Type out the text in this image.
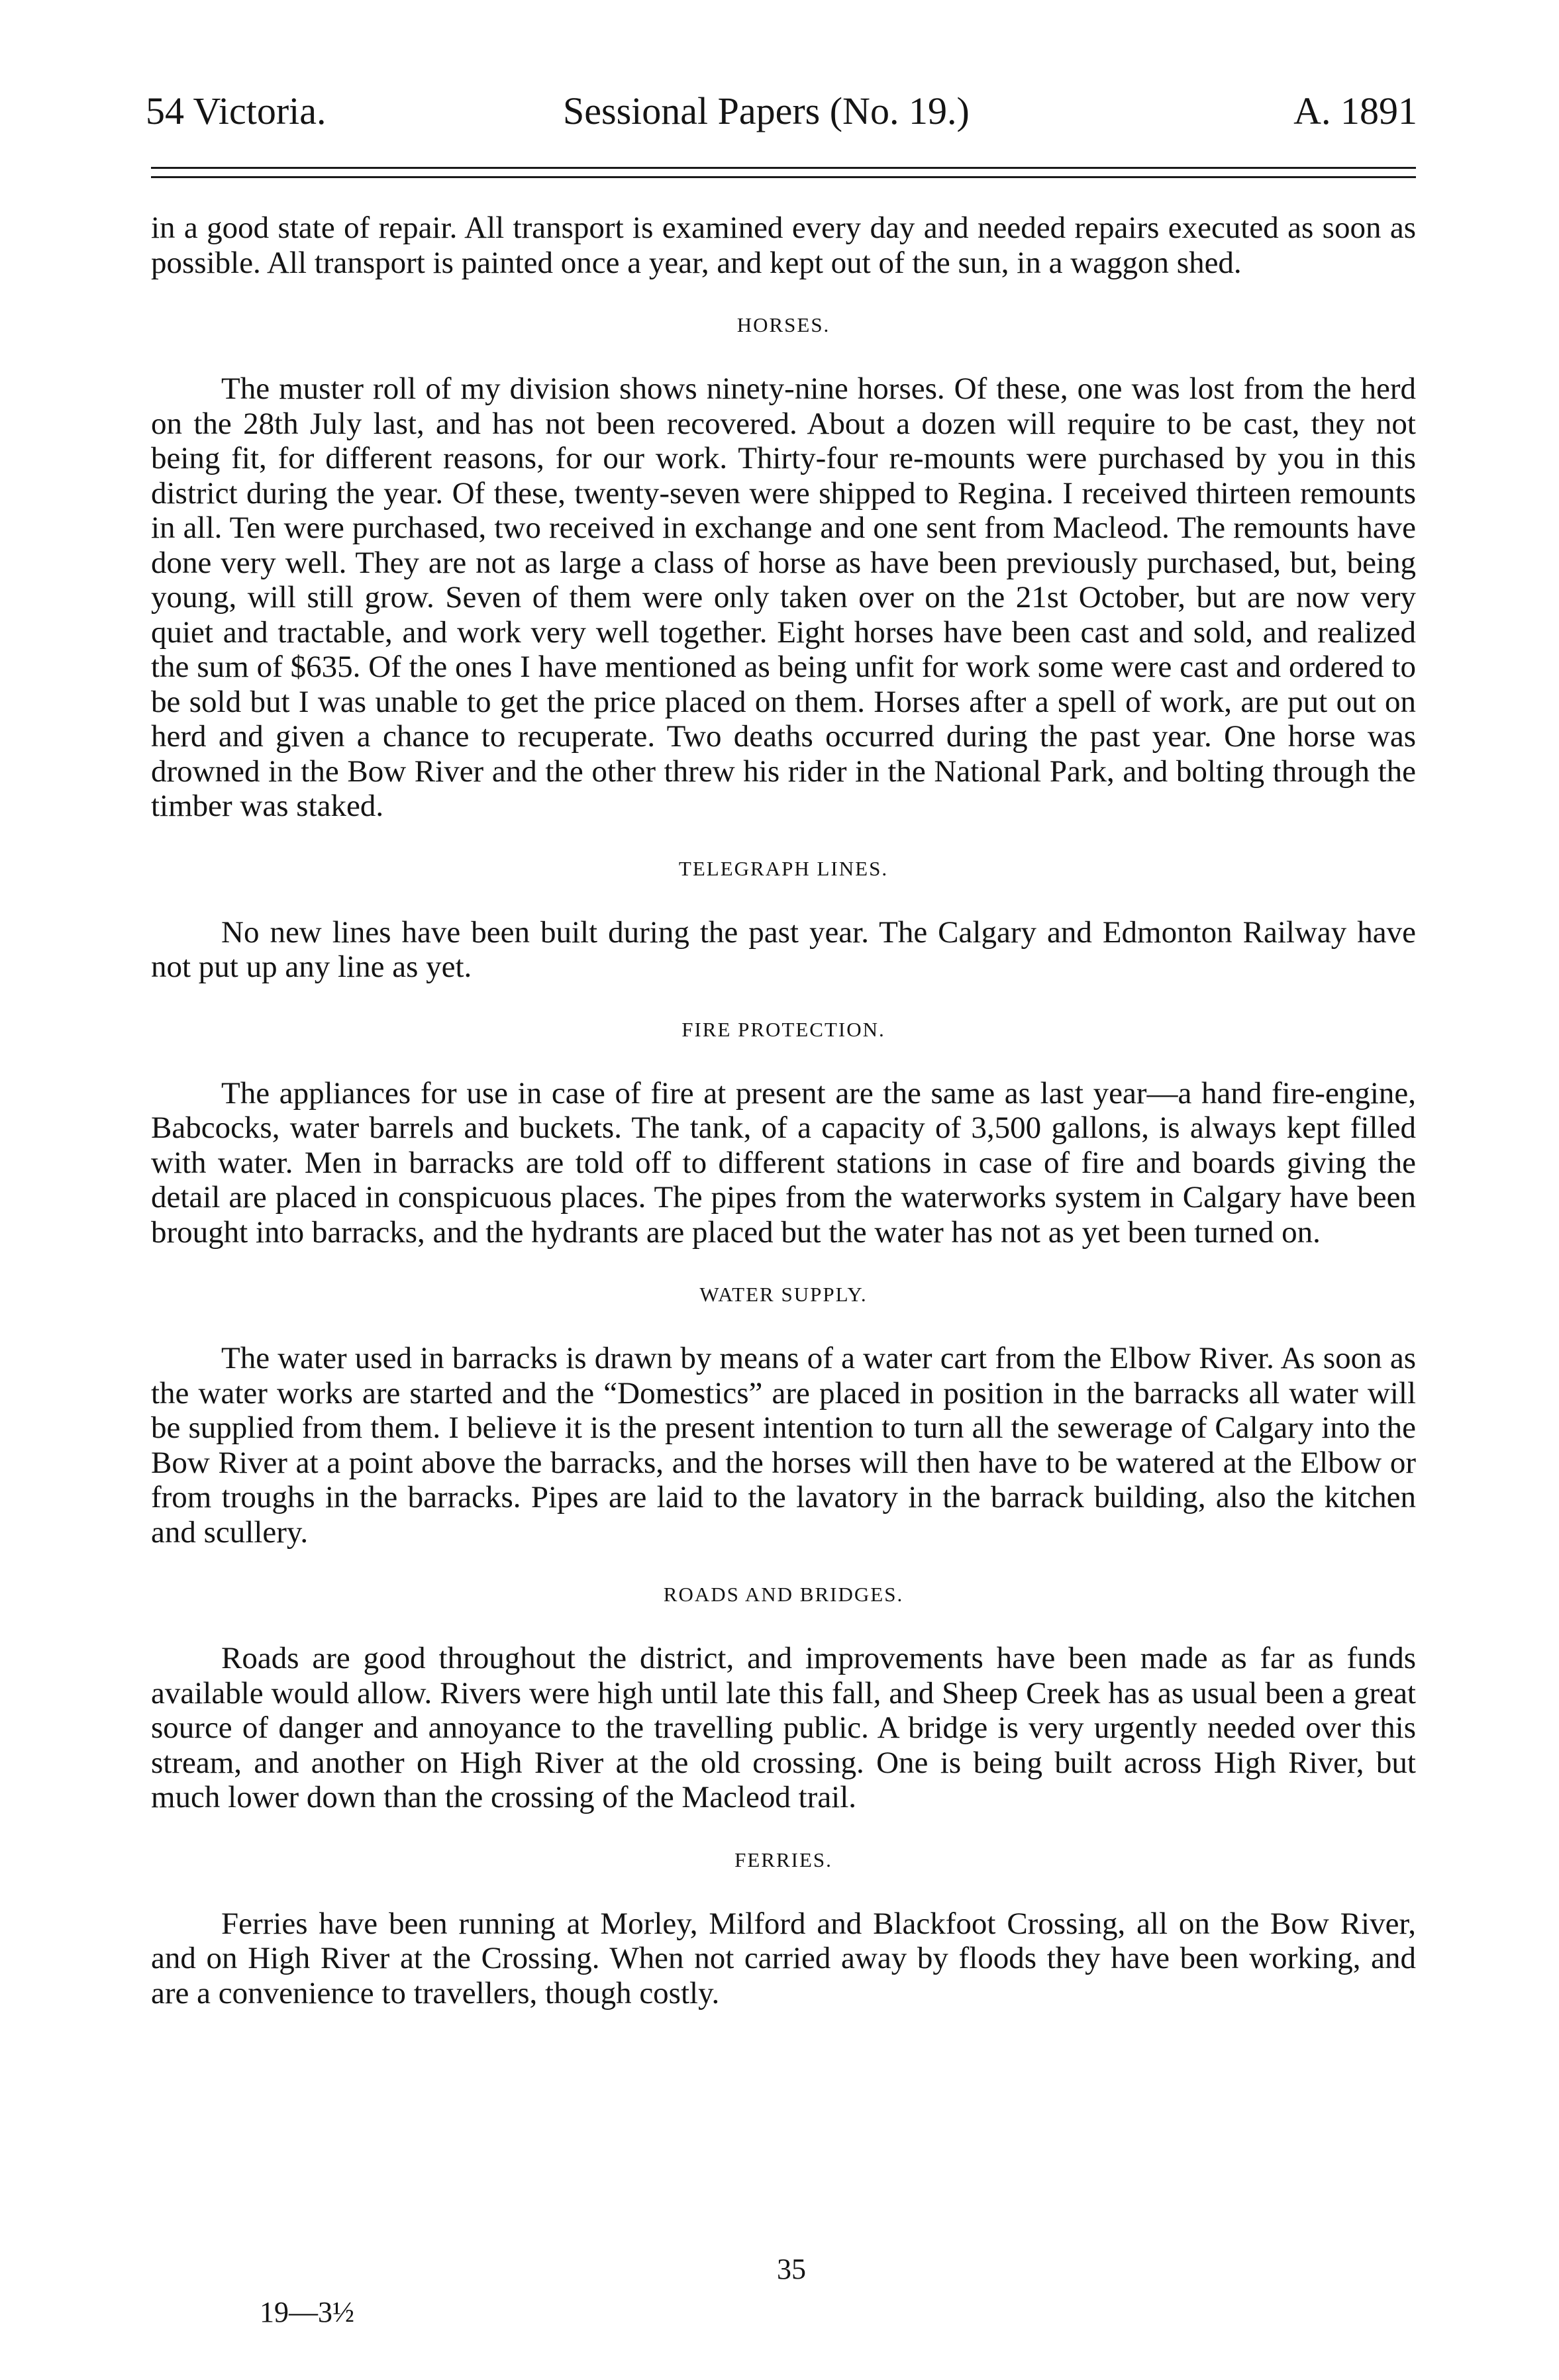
54 Victoria.	Sessional Papers (No. 19.)	A. 1891

in a good state of repair. All transport is examined every day and needed repairs executed as soon as possible. All transport is painted once a year, and kept out of the sun, in a waggon shed.

HORSES.

The muster roll of my division shows ninety-nine horses. Of these, one was lost from the herd on the 28th July last, and has not been recovered. About a dozen will require to be cast, they not being fit, for different reasons, for our work. Thirty-four re-mounts were purchased by you in this district during the year. Of these, twenty-seven were shipped to Regina. I received thirteen remounts in all. Ten were purchased, two received in exchange and one sent from Macleod. The remounts have done very well. They are not as large a class of horse as have been previously purchased, but, being young, will still grow. Seven of them were only taken over on the 21st October, but are now very quiet and tractable, and work very well together. Eight horses have been cast and sold, and realized the sum of $635. Of the ones I have mentioned as being unfit for work some were cast and ordered to be sold but I was unable to get the price placed on them. Horses after a spell of work, are put out on herd and given a chance to recuperate. Two deaths occurred during the past year. One horse was drowned in the Bow River and the other threw his rider in the National Park, and bolting through the timber was staked.

TELEGRAPH LINES.

No new lines have been built during the past year. The Calgary and Edmonton Railway have not put up any line as yet.

FIRE PROTECTION.

The appliances for use in case of fire at present are the same as last year—a hand fire-engine, Babcocks, water barrels and buckets. The tank, of a capacity of 3,500 gallons, is always kept filled with water. Men in barracks are told off to different stations in case of fire and boards giving the detail are placed in conspicuous places. The pipes from the waterworks system in Calgary have been brought into barracks, and the hydrants are placed but the water has not as yet been turned on.

WATER SUPPLY.

The water used in barracks is drawn by means of a water cart from the Elbow River. As soon as the water works are started and the “Domestics” are placed in position in the barracks all water will be supplied from them. I believe it is the present intention to turn all the sewerage of Calgary into the Bow River at a point above the barracks, and the horses will then have to be watered at the Elbow or from troughs in the barracks. Pipes are laid to the lavatory in the barrack building, also the kitchen and scullery.

ROADS AND BRIDGES.

Roads are good throughout the district, and improvements have been made as far as funds available would allow. Rivers were high until late this fall, and Sheep Creek has as usual been a great source of danger and annoyance to the travelling public. A bridge is very urgently needed over this stream, and another on High River at the old crossing. One is being built across High River, but much lower down than the crossing of the Macleod trail.

FERRIES.

Ferries have been running at Morley, Milford and Blackfoot Crossing, all on the Bow River, and on High River at the Crossing. When not carried away by floods they have been working, and are a convenience to travellers, though costly.

35
19—3½
